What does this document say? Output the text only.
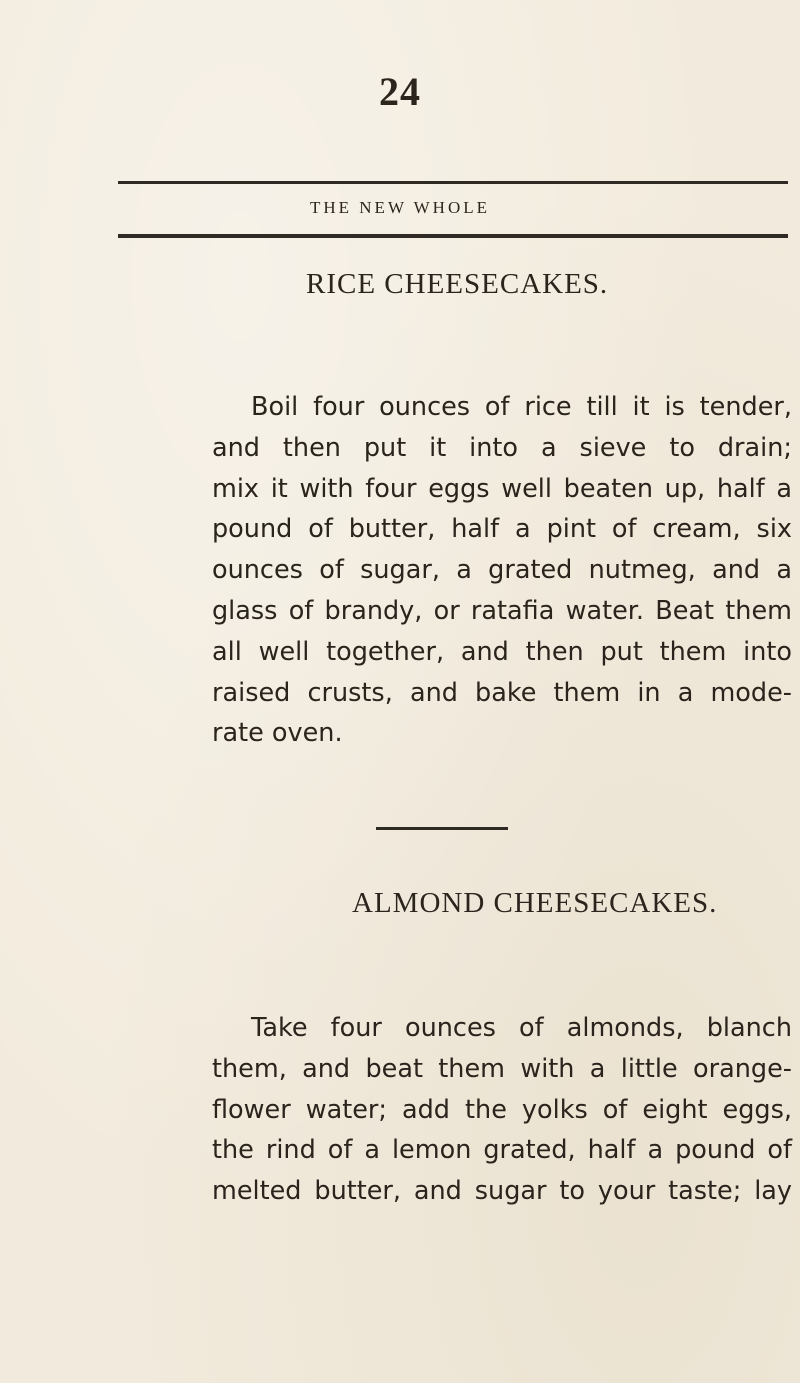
24
THE NEW WHOLE
RICE CHEESECAKES.
Boil four ounces of rice till it is tender,
and then put it into a sieve to drain;
mix it with four eggs well beaten up, half a
pound of butter, half a pint of cream, six
ounces of sugar, a grated nutmeg, and a
glass of brandy, or ratafia water. Beat them
all well together, and then put them into
raised crusts, and bake them in a mode-
rate oven.
ALMOND CHEESECAKES.
Take four ounces of almonds, blanch
them, and beat them with a little orange-
flower water; add the yolks of eight eggs,
the rind of a lemon grated, half a pound of
melted butter, and sugar to your taste; lay
